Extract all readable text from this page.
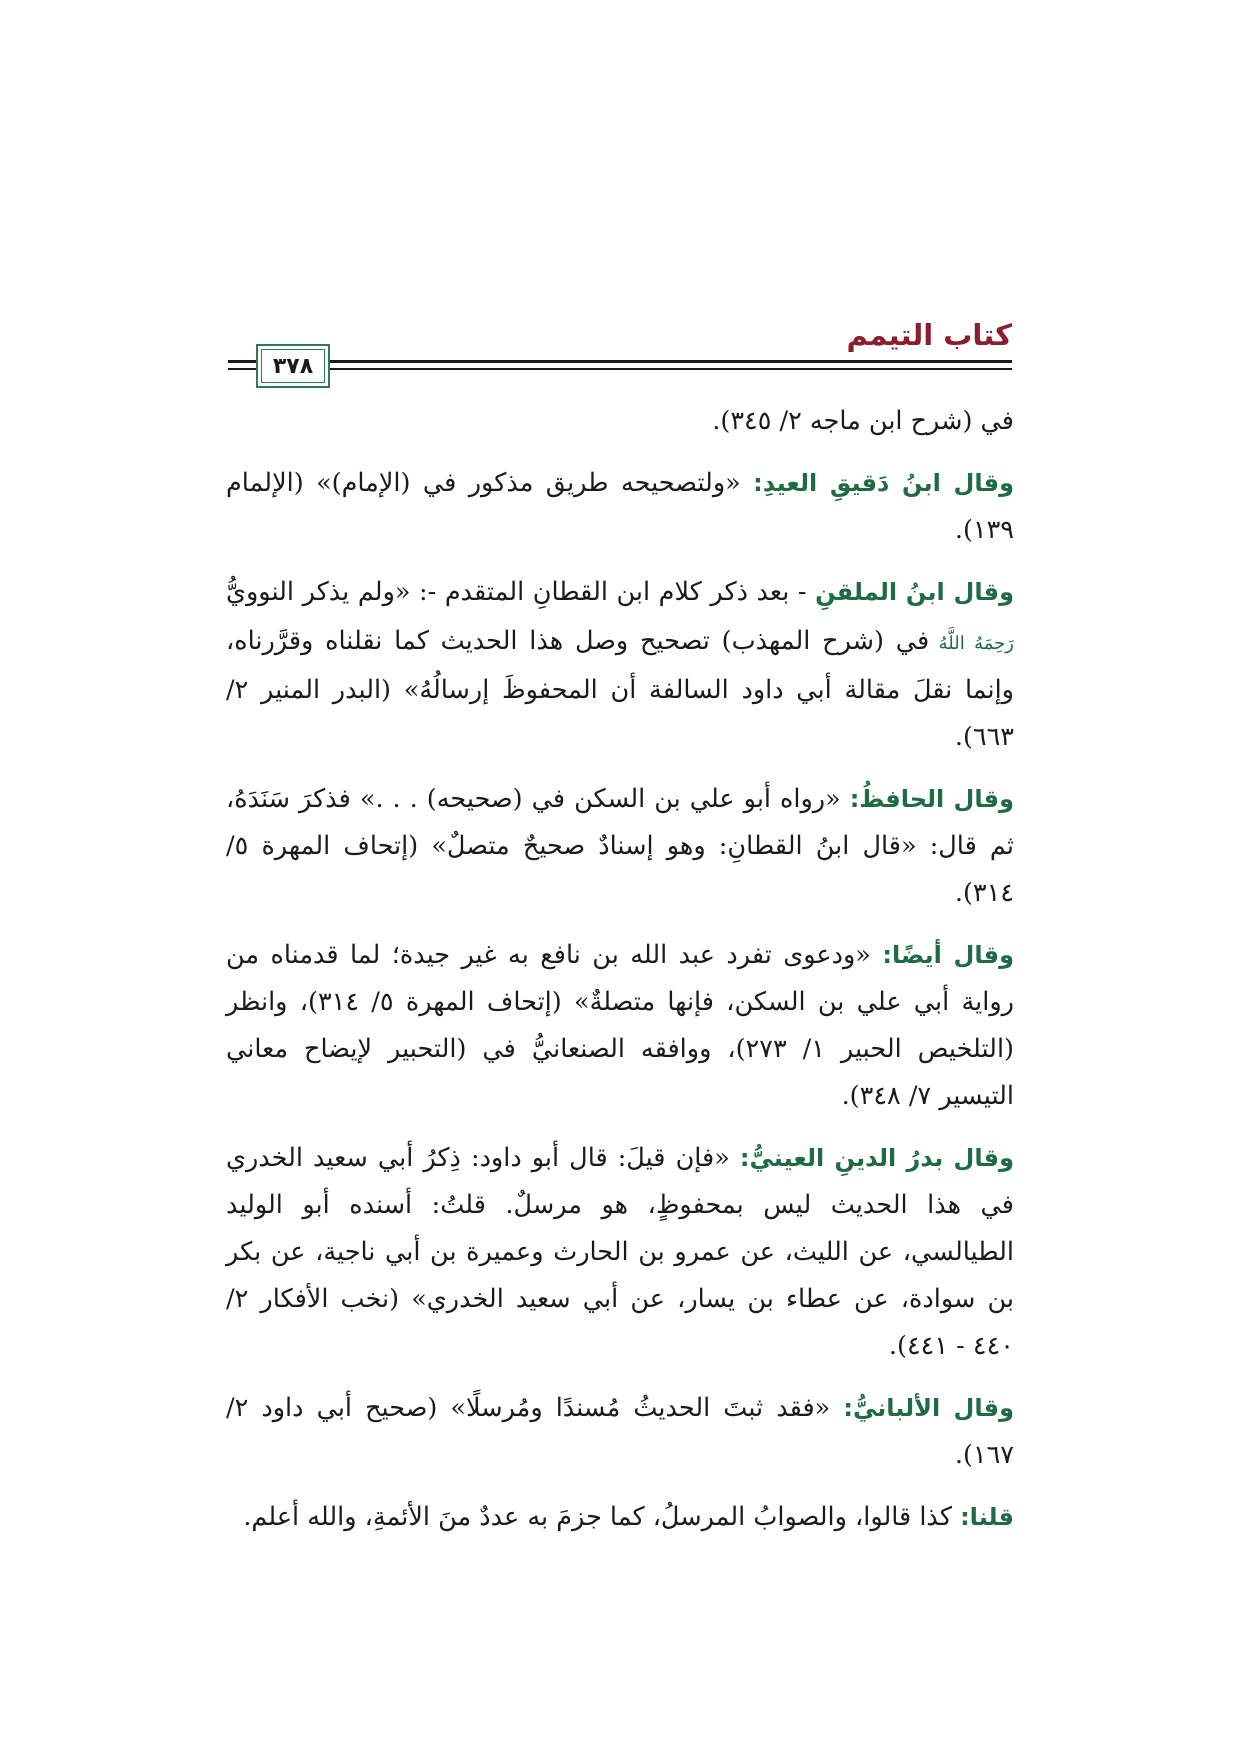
كتاب التيمم
٣٧٨

في (شرح ابن ماجه ٢/ ٣٤٥).

وقال ابنُ دَقيقِ العيدِ: «ولتصحيحه طريق مذكور في (الإمام)» (الإلمام ١٣٩).

وقال ابنُ الملقنِ - بعد ذكر كلام ابن القطانِ المتقدم -: «ولم يذكر النوويُّ رَحِمَهُ اللَّهُ في (شرح المهذب) تصحيح وصل هذا الحديث كما نقلناه وقرَّرناه، وإنما نقلَ مقالة أبي داود السالفة أن المحفوظَ إرسالُهُ» (البدر المنير ٢/ ٦٦٣).

وقال الحافظُ: «رواه أبو علي بن السكن في (صحيحه) . . .» فذكرَ سَنَدَهُ، ثم قال: «قال ابنُ القطانِ: وهو إسنادٌ صحيحٌ متصلٌ» (إتحاف المهرة ٥/ ٣١٤).

وقال أيضًا: «ودعوى تفرد عبد الله بن نافع به غير جيدة؛ لما قدمناه من رواية أبي علي بن السكن، فإنها متصلةٌ» (إتحاف المهرة ٥/ ٣١٤)، وانظر (التلخيص الحبير ١/ ٢٧٣)، ووافقه الصنعانيُّ في (التحبير لإيضاح معاني التيسير ٧/ ٣٤٨).

وقال بدرُ الدينِ العينيُّ: «فإن قيلَ: قال أبو داود: ذِكرُ أبي سعيد الخدري في هذا الحديث ليس بمحفوظٍ، هو مرسلٌ. قلتُ: أسنده أبو الوليد الطيالسي، عن الليث، عن عمرو بن الحارث وعميرة بن أبي ناجية، عن بكر بن سوادة، عن عطاء بن يسار، عن أبي سعيد الخدري» (نخب الأفكار ٢/ ٤٤٠ - ٤٤١).

وقال الألبانيُّ: «فقد ثبتَ الحديثُ مُسندًا ومُرسلًا» (صحيح أبي داود ٢/ ١٦٧).

قلنا: كذا قالوا، والصوابُ المرسلُ، كما جزمَ به عددٌ منَ الأئمةِ، والله أعلم.
